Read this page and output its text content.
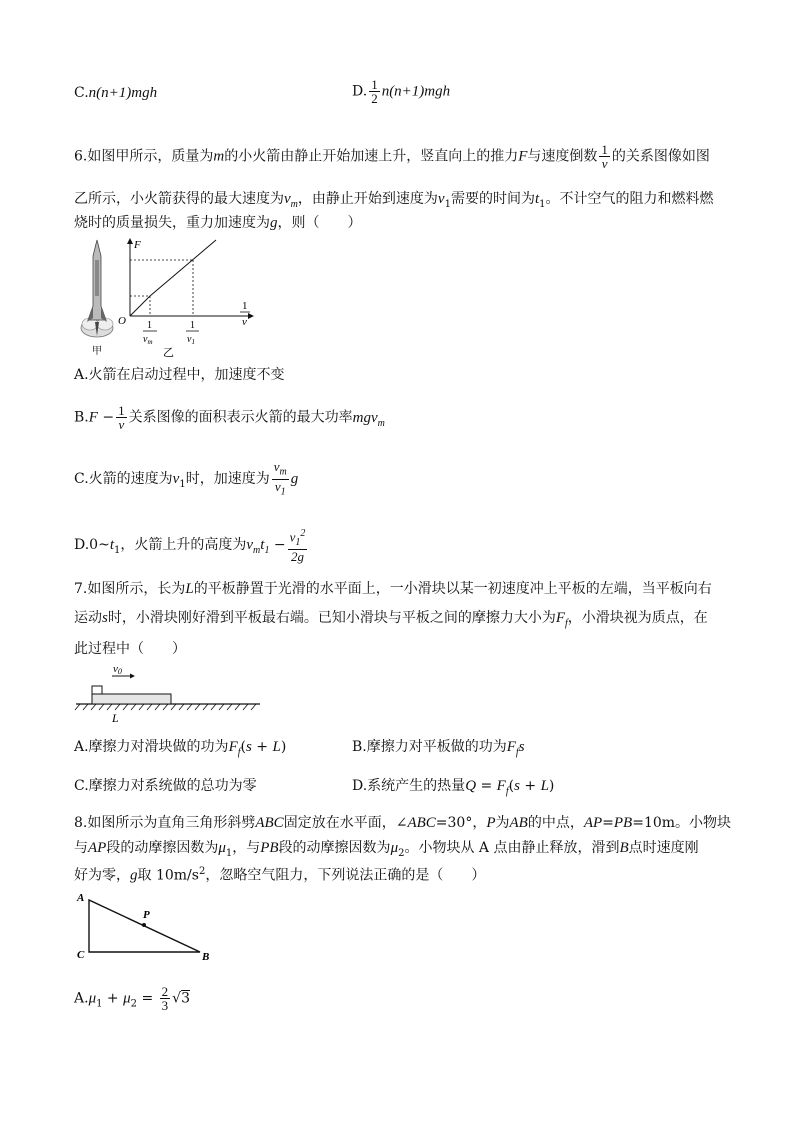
C.n(n+1)mgh	D. $\frac{1}{2} n(n+1)mgh$
6.如图甲所示，质量为m的小火箭由静止开始加速上升，竖直向上的推力F与速度倒数 $\frac{1}{v}$ 的关系图像如图
乙所示，小火箭获得的最大速度为$v_m$，由静止开始到速度为$v_1$需要的时间为$t_1$。不计空气的阻力和燃料燃
烧时的质量损失，重力加速度为g，则（　　）
甲
F
O
1
v
1
$v_m$
1
$v_1$
乙
A.火箭在启动过程中，加速度不变
$B.F - \frac{1}{v}$ 关系图像的面积表示火箭的最大功率mgv$_m$
C.火箭的速度为$v_1$时，加速度为 $\frac{v_m}{v_1}$ g
$D.0\sim t_1$，火箭上升的高度为$v_mt_1 - \frac{v_1^2}{2g}$
7.如图所示，长为L的平板静置于光滑的水平面上，一小滑块以某一初速度冲上平板的左端，当平板向右
运动s时，小滑块刚好滑到平板最右端。已知小滑块与平板之间的摩擦力大小为$F_f$，小滑块视为质点，在
此过程中（　　）
v0
L
A.摩擦力对滑块做的功为$F_f(s + L)$	B.摩擦力对平板做的功为$F_fs$
C.摩擦力对系统做的总功为零	D.系统产生的热量$Q = F_f(s + L)$
8.如图所示为直角三角形斜劈ABC固定放在水平面，∠ABC=30°，P为AB的中点，AP=PB=10m。小物块
与AP段的动摩擦因数为$\mu_1$，与PB段的动摩擦因数为$\mu_2$。小物块从 A 点由静止释放，滑到B点时速度刚
好为零，g取 $10m/s^2$，忽略空气阻力，下列说法正确的是（　　）
A
P
C	B
$A.\mu_1 + \mu_2 = \frac{2}{3} √3$
